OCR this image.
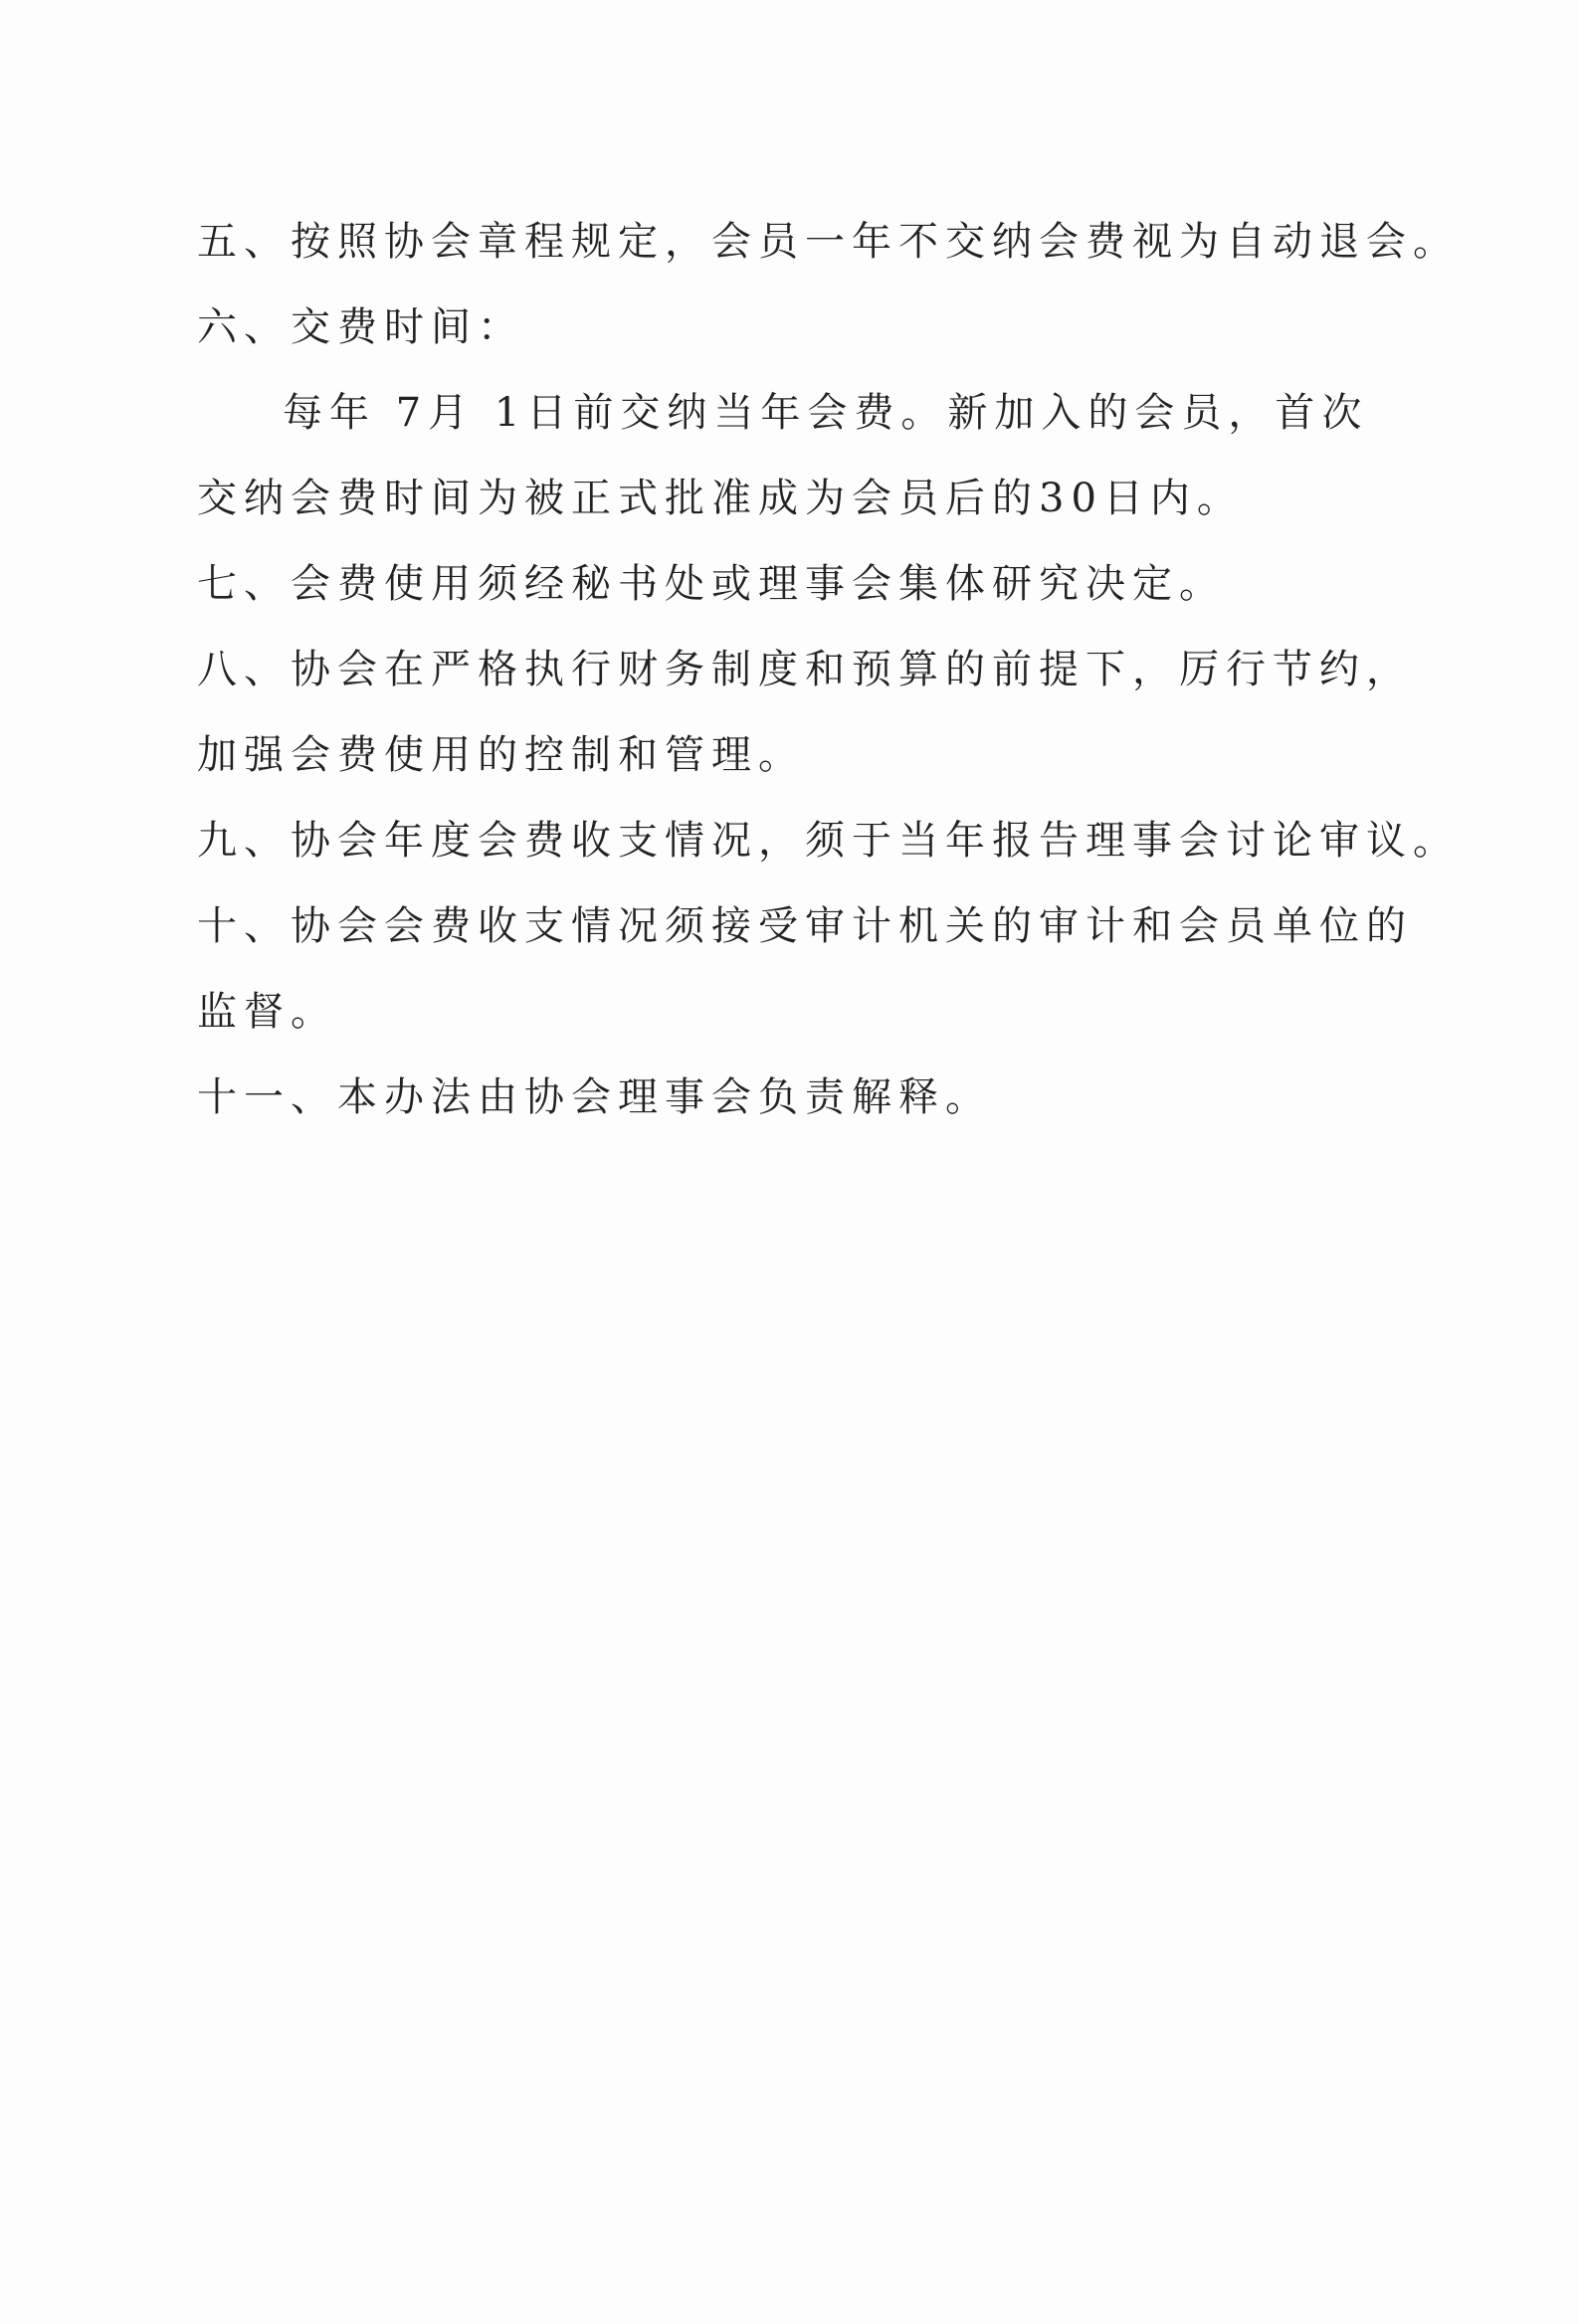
五、按照协会章程规定，会员一年不交纳会费视为自动退会。
六、交费时间：
每年 7月 1日前交纳当年会费。新加入的会员，首次
交纳会费时间为被正式批准成为会员后的30日内。
七、会费使用须经秘书处或理事会集体研究决定。
八、协会在严格执行财务制度和预算的前提下，厉行节约，
加强会费使用的控制和管理。
九、协会年度会费收支情况，须于当年报告理事会讨论审议。
十、协会会费收支情况须接受审计机关的审计和会员单位的
监督。
十一、本办法由协会理事会负责解释。
